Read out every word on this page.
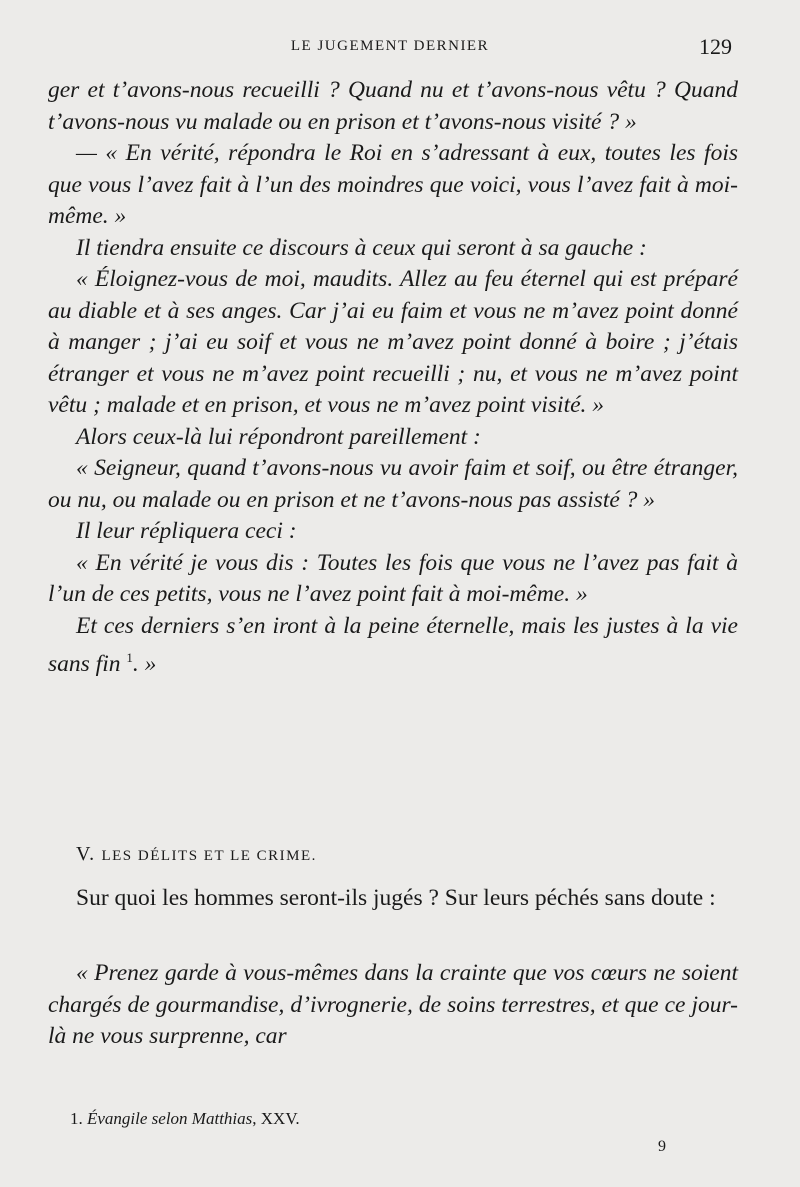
LE JUGEMENT DERNIER	129

ger et t’avons-nous recueilli ? Quand nu et t’avons-nous vêtu ? Quand t’avons-nous vu malade ou en prison et t’avons-nous visité ? »

— « En vérité, répondra le Roi en s’adressant à eux, toutes les fois que vous l’avez fait à l’un des moindres que voici, vous l’avez fait à moi-même. »

Il tiendra ensuite ce discours à ceux qui seront à sa gauche :

« Éloignez-vous de moi, maudits. Allez au feu éternel qui est préparé au diable et à ses anges. Car j’ai eu faim et vous ne m’avez point donné à manger ; j’ai eu soif et vous ne m’avez point donné à boire ; j’étais étranger et vous ne m’avez point recueilli ; nu, et vous ne m’avez point vêtu ; malade et en prison, et vous ne m’avez point visité. »

Alors ceux-là lui répondront pareillement :

« Seigneur, quand t’avons-nous vu avoir faim et soif, ou être étranger, ou nu, ou malade ou en prison et ne t’avons-nous pas assisté ? »

Il leur répliquera ceci :

« En vérité je vous dis : Toutes les fois que vous ne l’avez pas fait à l’un de ces petits, vous ne l’avez point fait à moi-même. »

Et ces derniers s’en iront à la peine éternelle, mais les justes à la vie sans fin $^1$. »

V. LES DÉLITS ET LE CRIME.

Sur quoi les hommes seront-ils jugés ? Sur leurs péchés sans doute :

« Prenez garde à vous-mêmes dans la crainte que vos cœurs ne soient chargés de gourmandise, d’ivrognerie, de soins terrestres, et que ce jour-là ne vous surprenne, car

1. Évangile selon Matthias, XXV.
9
